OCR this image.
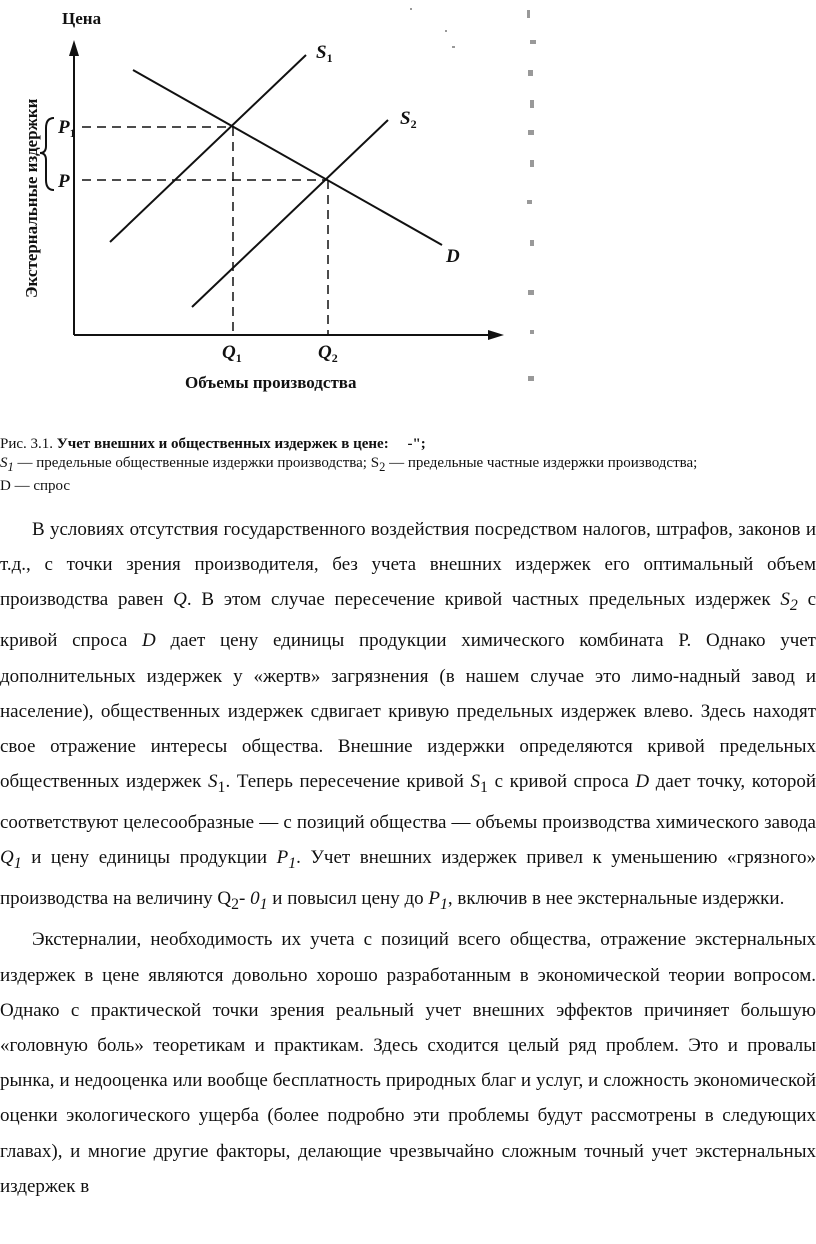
Цена
Экстернальные издержки
Объемы производства
$S_1$
$S_2$
D
$P_1$
P
$Q_1$	$Q_2$
Рис. 3.1. Учет внешних и общественных издержек в цене: -";
$S_1$ — предельные общественные издержки производства; $S_2$ — предельные частные издержки производства;
D — спрос

В условиях отсутствия государственного воздействия посредством налогов, штрафов, законов и т.д., с точки зрения производителя, без учета внешних издержек его оптимальный объем производства равен Q. В этом случае пересечение кривой частных предельных издержек $S_2$ с кривой спроса D дает цену единицы продукции химического комбината Р. Однако учет дополнительных издержек у «жертв» загрязнения (в нашем случае это лимо-надный завод и население), общественных издержек сдвигает кривую предельных издержек влево. Здесь находят свое отражение интересы общества. Внешние издержки определяются кривой предельных общественных издержек $S_1$. Теперь пересечение кривой $S_1$ с кривой спроса D дает точку, которой соответствуют целесообразные — с позиций общества — объемы производства химического завода $Q_1$ и цену единицы продукции $P_1$. Учет внешних издержек привел к уменьшению «грязного» производства на величину $Q_2-$ $0_1$ и повысил цену до $P_1$, включив в нее экстернальные издержки.

Экстерналии, необходимость их учета с позиций всего общества, отражение экстернальных издержек в цене являются довольно хорошо разработанным в экономической теории вопросом. Однако с практической точки зрения реальный учет внешних эффектов причиняет большую «головную боль» теоретикам и практикам. Здесь сходится целый ряд проблем. Это и провалы рынка, и недооценка или вообще бесплатность природных благ и услуг, и сложность экономической оценки экологического ущерба (более подробно эти проблемы будут рассмотрены в следующих главах), и многие другие факторы, делающие чрезвычайно сложным точный учет экстернальных издержек в
